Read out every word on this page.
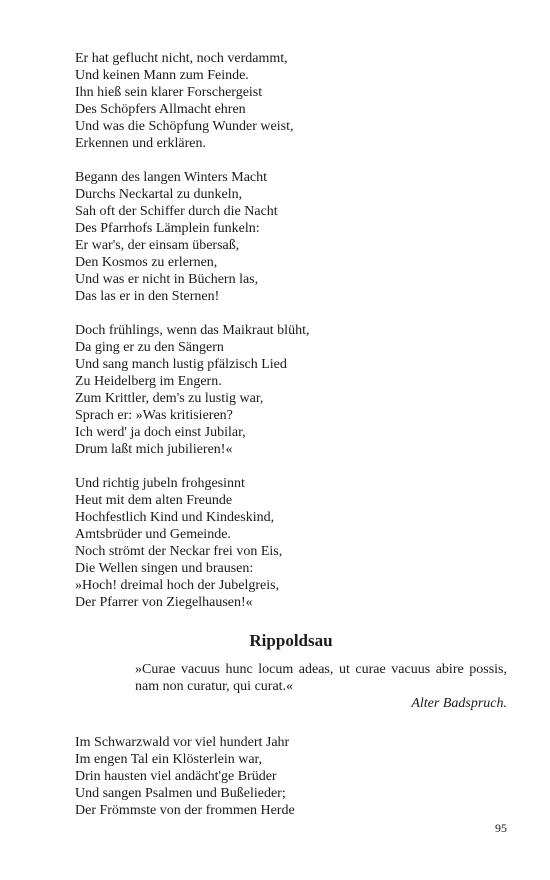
Er hat geflucht nicht, noch verdammt,
Und keinen Mann zum Feinde.
Ihn hieß sein klarer Forschergeist
Des Schöpfers Allmacht ehren
Und was die Schöpfung Wunder weist,
Erkennen und erklären.
Begann des langen Winters Macht
Durchs Neckartal zu dunkeln,
Sah oft der Schiffer durch die Nacht
Des Pfarrhofs Lämplein funkeln:
Er war's, der einsam übersaß,
Den Kosmos zu erlernen,
Und was er nicht in Büchern las,
Das las er in den Sternen!
Doch frühlings, wenn das Maikraut blüht,
Da ging er zu den Sängern
Und sang manch lustig pfälzisch Lied
Zu Heidelberg im Engern.
Zum Krittler, dem's zu lustig war,
Sprach er: »Was kritisieren?
Ich werd' ja doch einst Jubilar,
Drum laßt mich jubilieren!«
Und richtig jubeln frohgesinnt
Heut mit dem alten Freunde
Hochfestlich Kind und Kindeskind,
Amtsbrüder und Gemeinde.
Noch strömt der Neckar frei von Eis,
Die Wellen singen und brausen:
»Hoch! dreimal hoch der Jubelgreis,
Der Pfarrer von Ziegelhausen!«
Rippoldsau
»Curae vacuus hunc locum adeas, ut curae vacuus abire possis, nam non curatur, qui curat.«
Alter Badspruch.
Im Schwarzwald vor viel hundert Jahr
Im engen Tal ein Klösterlein war,
Drin hausten viel andächt'ge Brüder
Und sangen Psalmen und Bußelieder;
Der Frömmste von der frommen Herde
95
